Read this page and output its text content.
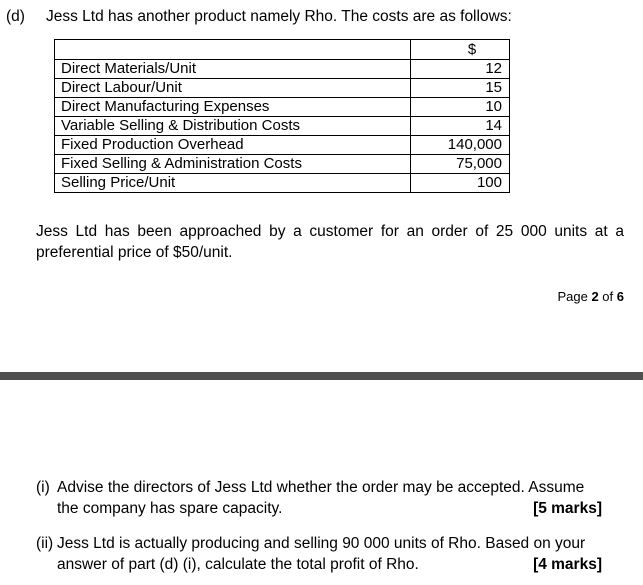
(d) Jess Ltd has another product namely Rho. The costs are as follows:
	$
Direct Materials/Unit	12
Direct Labour/Unit	15
Direct Manufacturing Expenses	10
Variable Selling & Distribution Costs	14
Fixed Production Overhead	140,000
Fixed Selling & Administration Costs	75,000
Selling Price/Unit	100
Jess Ltd has been approached by a customer for an order of 25 000 units at a preferential price of $50/unit.
Page 2 of 6
(i) Advise the directors of Jess Ltd whether the order may be accepted. Assume
the company has spare capacity.	[5 marks]
(ii) Jess Ltd is actually producing and selling 90 000 units of Rho. Based on your
answer of part (d) (i), calculate the total profit of Rho.	[4 marks]
